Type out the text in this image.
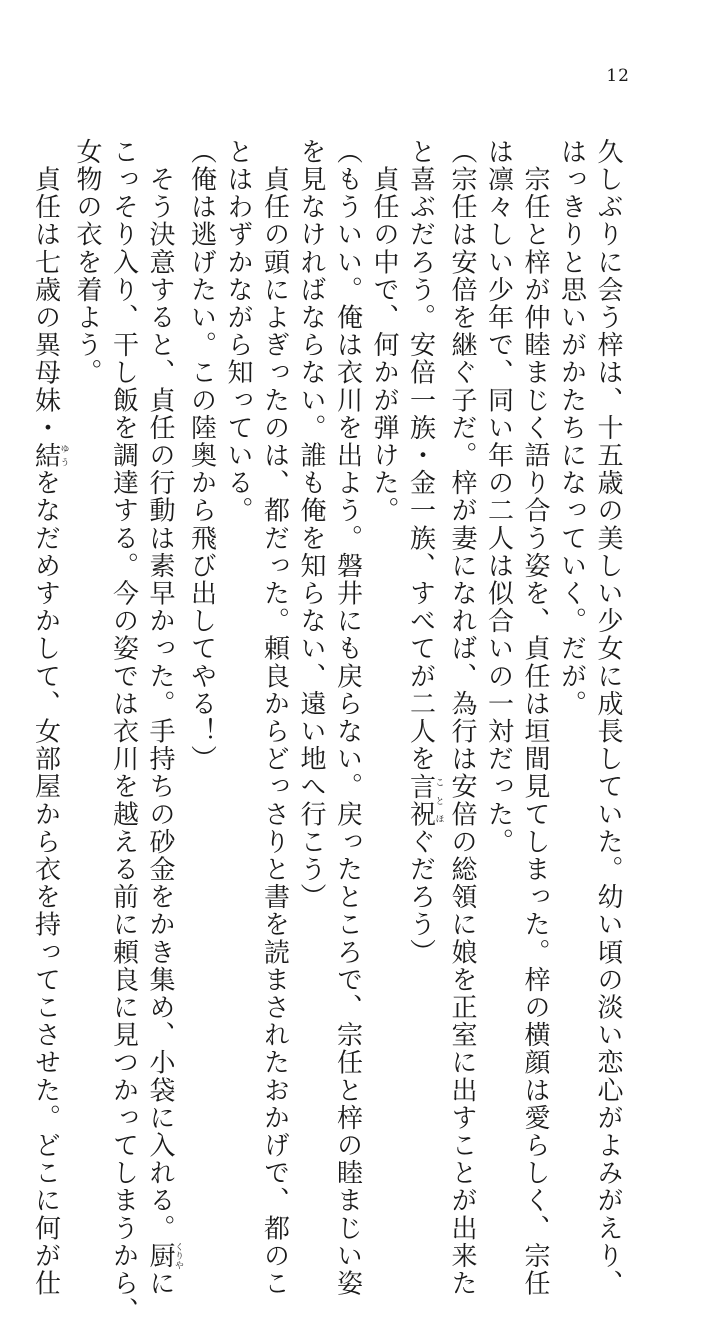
12
久しぶりに会う梓は、十五歳の美しい少女に成長していた。幼い頃の淡い恋心がよみがえり、
はっきりと思いがかたちになっていく。だが。
　宗任と梓が仲睦まじく語り合う姿を、貞任は垣間見てしまった。梓の横顔は愛らしく、宗任
は凛々しい少年で、同い年の二人は似合いの一対だった。
（宗任は安倍を継ぐ子だ。梓が妻になれば、為行は安倍の総領に娘を正室に出すことが出来た
と喜ぶだろう。安倍一族・金一族、すべてが二人を言祝ことほぐだろう）
　貞任の中で、何かが弾けた。
（もういい。俺は衣川を出よう。磐井にも戻らない。戻ったところで、宗任と梓の睦まじい姿
を見なければならない。誰も俺を知らない、遠い地へ行こう）
　貞任の頭によぎったのは、都だった。頼良からどっさりと書を読まされたおかげで、都のこ
とはわずかながら知っている。
（俺は逃げたい。この陸奥から飛び出してやる！）
　そう決意すると、貞任の行動は素早かった。手持ちの砂金をかき集め、小袋に入れる。厨くりやに
こっそり入り、干し飯を調達する。今の姿では衣川を越える前に頼良に見つかってしまうから、
女物の衣を着よう。
　貞任は七歳の異母妹・結ゆうをなだめすかして、女部屋から衣を持ってこさせた。どこに何が仕
